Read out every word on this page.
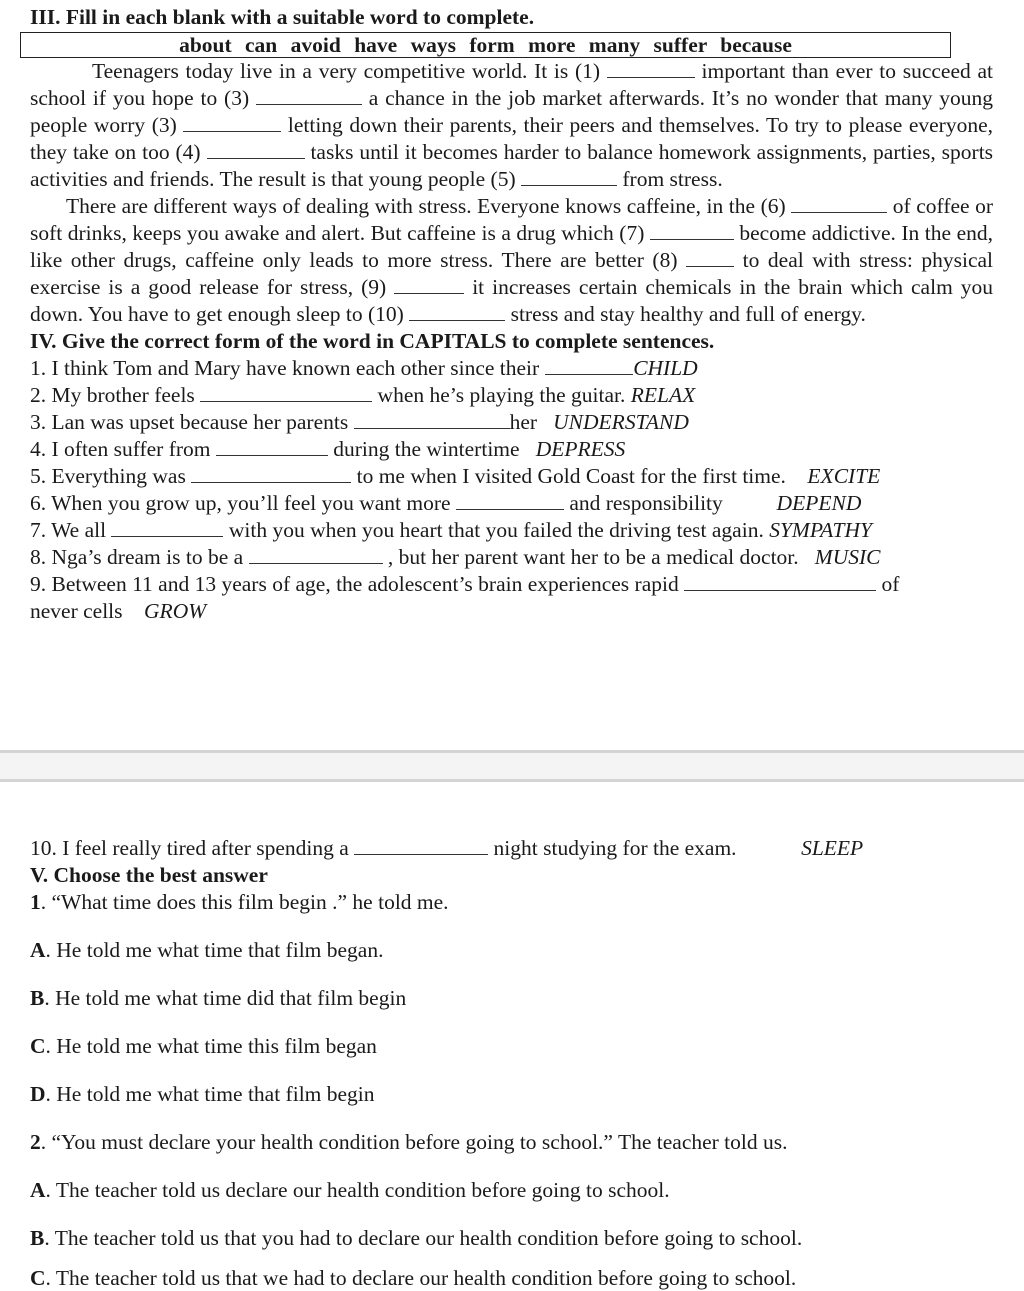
III. Fill in each blank with a suitable word to complete.
about can avoid have ways form more many suffer because

Teenagers today live in a very competitive world. It is (1)	important than ever to succeed at school if you hope to (3)	a chance in the job market afterwards. It’s no wonder that many young people worry (3)	letting down their parents, their peers and themselves. To try to please everyone, they take on too (4)	tasks until it becomes harder to balance homework assignments, parties, sports activities and friends. The result is that young people (5)	from stress.

There are different ways of dealing with stress. Everyone knows caffeine, in the (6)	of coffee or soft drinks, keeps you awake and alert. But caffeine is a drug which (7)	become addictive. In the end, like other drugs, caffeine only leads to more stress. There are better (8)	to deal with stress: physical exercise is a good release for stress, (9)	it increases certain chemicals in the brain which calm you down. You have to get enough sleep to (10)	stress and stay healthy and full of energy.

IV. Give the correct form of the word in CAPITALS to complete sentences.
1. I think Tom and Mary have known each other since their	CHILD
2. My brother feels	when he’s playing the guitar. RELAX
3. Lan was upset because her parents	her UNDERSTAND
4. I often suffer from	during the wintertime DEPRESS
5. Everything was	to me when I visited Gold Coast for the first time. EXCITE
6. When you grow up, you’ll feel you want more	and responsibility	DEPEND
7. We all	with you when you heart that you failed the driving test again. SYMPATHY
8. Nga’s dream is to be a	, but her parent want her to be a medical doctor. MUSIC
9. Between 11 and 13 years of age, the adolescent’s brain experiences rapid	of
never cells GROW
10. I feel really tired after spending a	night studying for the exam.	SLEEP
V. Choose the best answer

1. “What time does this film begin .” he told me.

A. He told me what time that film began.

B. He told me what time did that film begin

C. He told me what time this film began

D. He told me what time that film begin

2. “You must declare your health condition before going to school.” The teacher told us.

A. The teacher told us declare our health condition before going to school.

B. The teacher told us that you had to declare our health condition before going to school.

C. The teacher told us that we had to declare our health condition before going to school.
